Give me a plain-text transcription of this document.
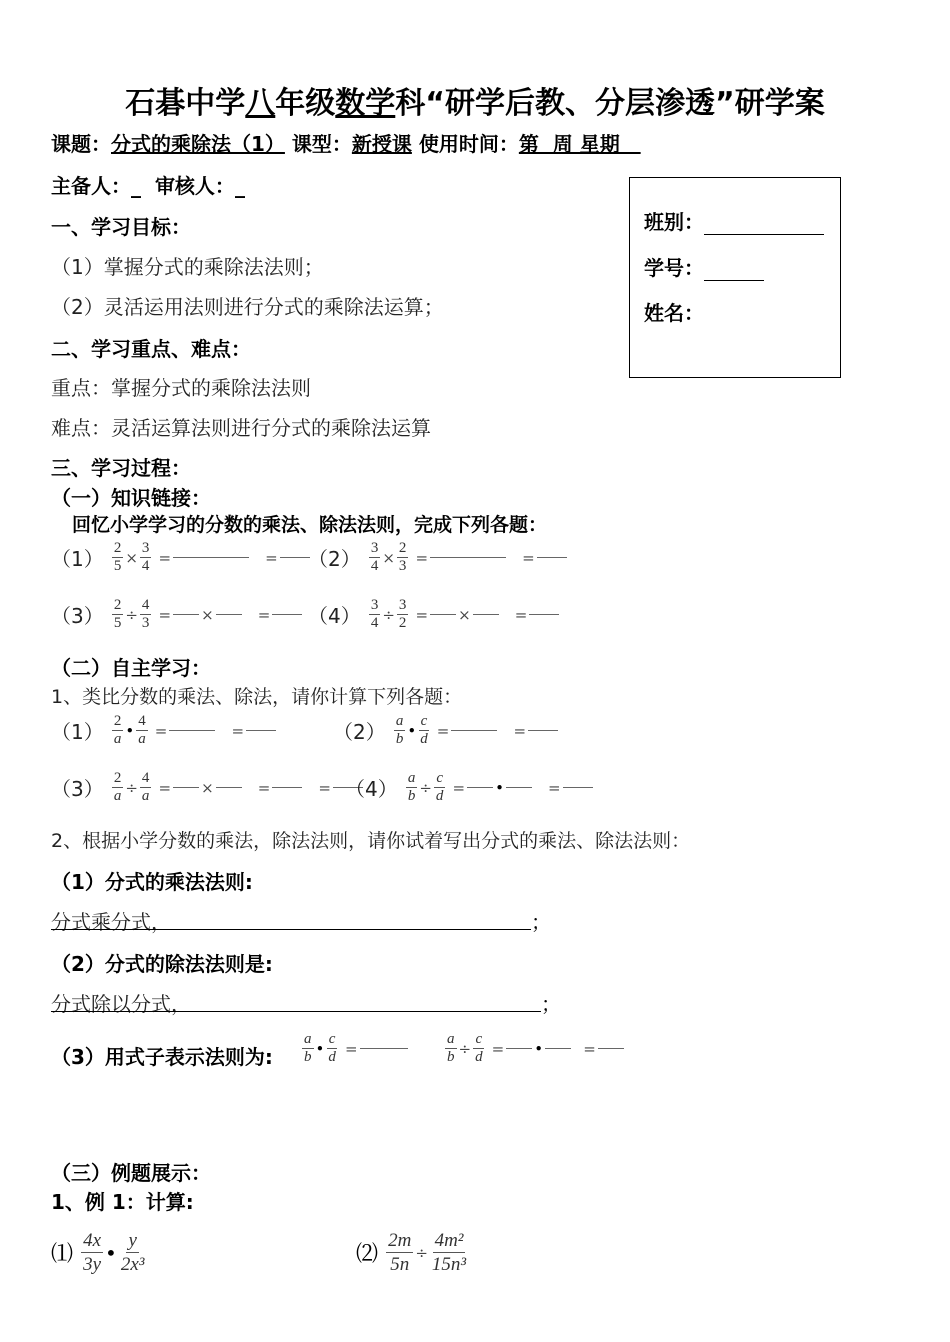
石碁中学八年级数学科“研学后教、分层渗透”研学案
课题：分式的乘除法（1） 课型：新授课 使用时间：第  周 星期
主备人：_ 审核人：_
班别：
学号：
姓名：
一、学习目标：
（1）掌握分式的乘除法法则；
（2）灵活运用法则进行分式的乘除法运算；
二、学习重点、难点：
重点：掌握分式的乘除法法则
难点：灵活运算法则进行分式的乘除法运算
三、学习过程：
（一）知识链接：
回忆小学学习的分数的乘法、除法法则，完成下列各题：
$(1) \frac{2}{5} \times \frac{3}{4}$ =	=	$(2) \frac{3}{4} \times \frac{2}{3}$ =	=
$(3) \frac{2}{5} \div \frac{4}{3}$ = ×	=	$(4) \frac{3}{4} \div \frac{3}{2}$ = ×	=
（二）自主学习：
1、类比分数的乘法、除法，请你计算下列各题：
$(1) \frac{2}{a}$ • $\frac{4}{a}$ =	=	$(2) \frac{a}{b}$ • $\frac{c}{d}$ =	=
$(3) \frac{2}{a} \div \frac{4}{a}$ = ×	=	= $(4) \frac{a}{b} \div \frac{c}{d}$ = •	=
2、根据小学分数的乘法，除法法则，请你试着写出分式的乘法、除法法则：
（1）分式的乘法法则:
分式乘分式，	；
（2）分式的除法法则是:
分式除以分式，	；
（3）用式子表示法则为: $\frac{a}{b}$ • $\frac{c}{d}$ =	$\frac{a}{b} \div \frac{c}{d}$ = •	=
（三）例题展示：
1、例 1：计算:
⑴ $\frac{4x}{3y}$ • $\frac{y}{\text{2x³}}$	⑵ $\frac{2m}{5n} \div \frac{\text{4m²}}{\text{15n³}}$
